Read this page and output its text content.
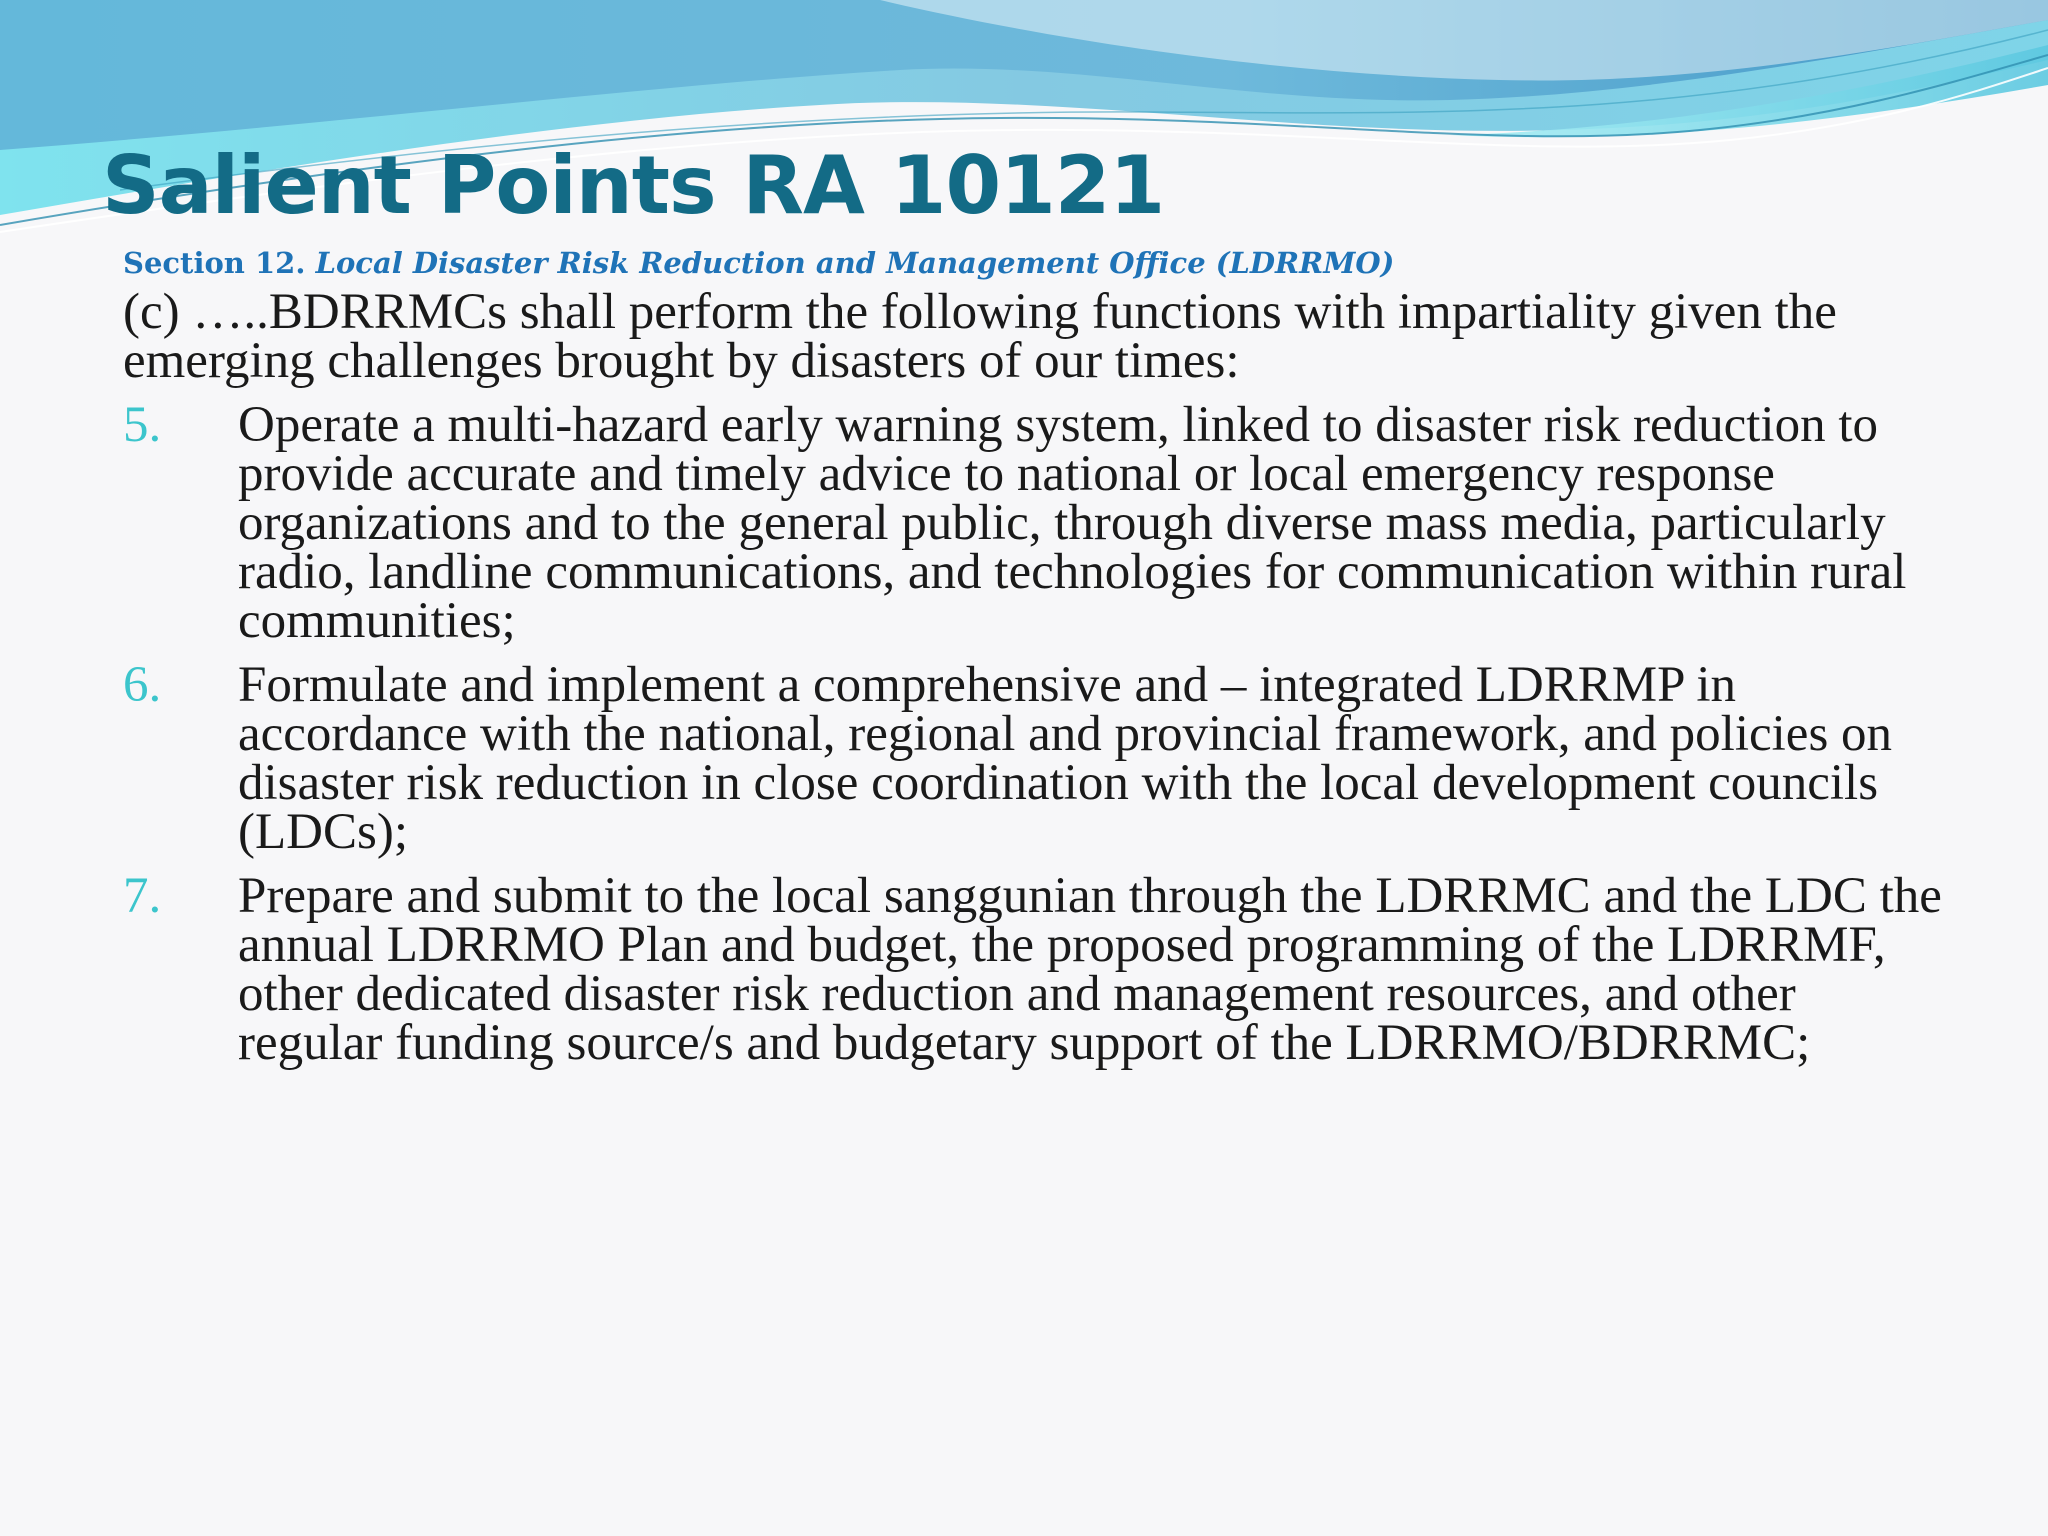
Salient Points RA 10121

Section 12. Local Disaster Risk Reduction and Management Office (LDRRMO)

(c) …..BDRRMCs shall perform the following functions with impartiality given the emerging challenges brought by disasters of our times:

5. Operate a multi-hazard early warning system, linked to disaster risk reduction to provide accurate and timely advice to national or local emergency response organizations and to the general public, through diverse mass media, particularly radio, landline communications, and technologies for communication within rural communities;
6. Formulate and implement a comprehensive and – integrated LDRRMP in accordance with the national, regional and provincial framework, and policies on disaster risk reduction in close coordination with the local development councils (LDCs);
7. Prepare and submit to the local sanggunian through the LDRRMC and the LDC the annual LDRRMO Plan and budget, the proposed programming of the LDRRMF, other dedicated disaster risk reduction and management resources, and other regular funding source/s and budgetary support of the LDRRMO/BDRRMC;
